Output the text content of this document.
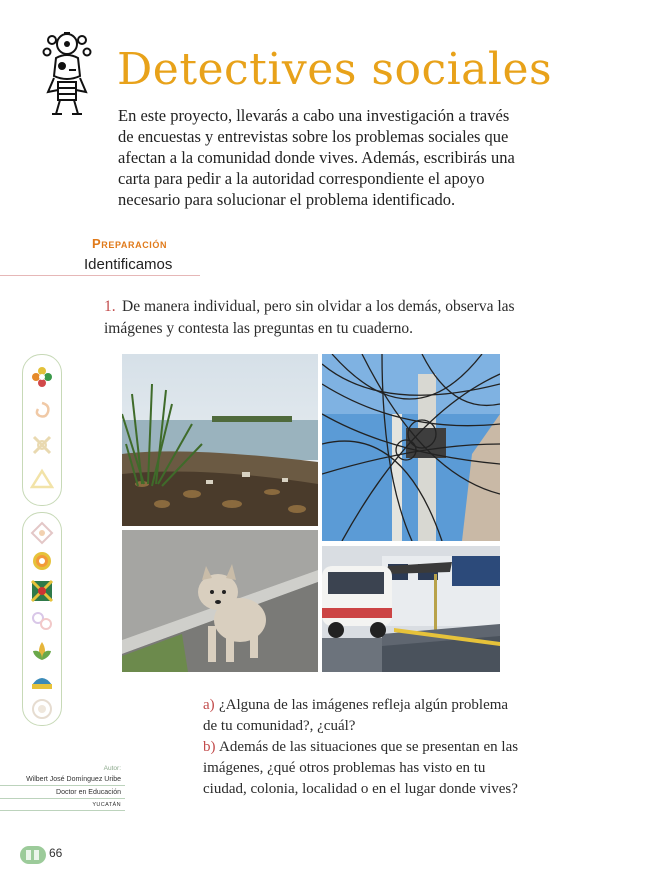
Detectives sociales

En este proyecto, llevarás a cabo una investigación a través de encuestas y entrevistas sobre los problemas sociales que afectan a la comunidad donde vives. Además, escribirás una carta para pedir a la autoridad correspondiente el apoyo necesario para solucionar el problema identificado.

Preparación
Identificamos

1. De manera individual, pero sin olvidar a los demás, observa las imágenes y contesta las preguntas en tu cuaderno.

a) ¿Alguna de las imágenes refleja algún problema de tu comunidad?, ¿cuál?

b) Además de las situaciones que se presentan en las imágenes, ¿qué otros problemas has visto en tu ciudad, colonia, localidad o en el lugar donde vives?

Autor:
Wilbert José Domínguez Uribe
Doctor en Educación
YUCATÁN
66
